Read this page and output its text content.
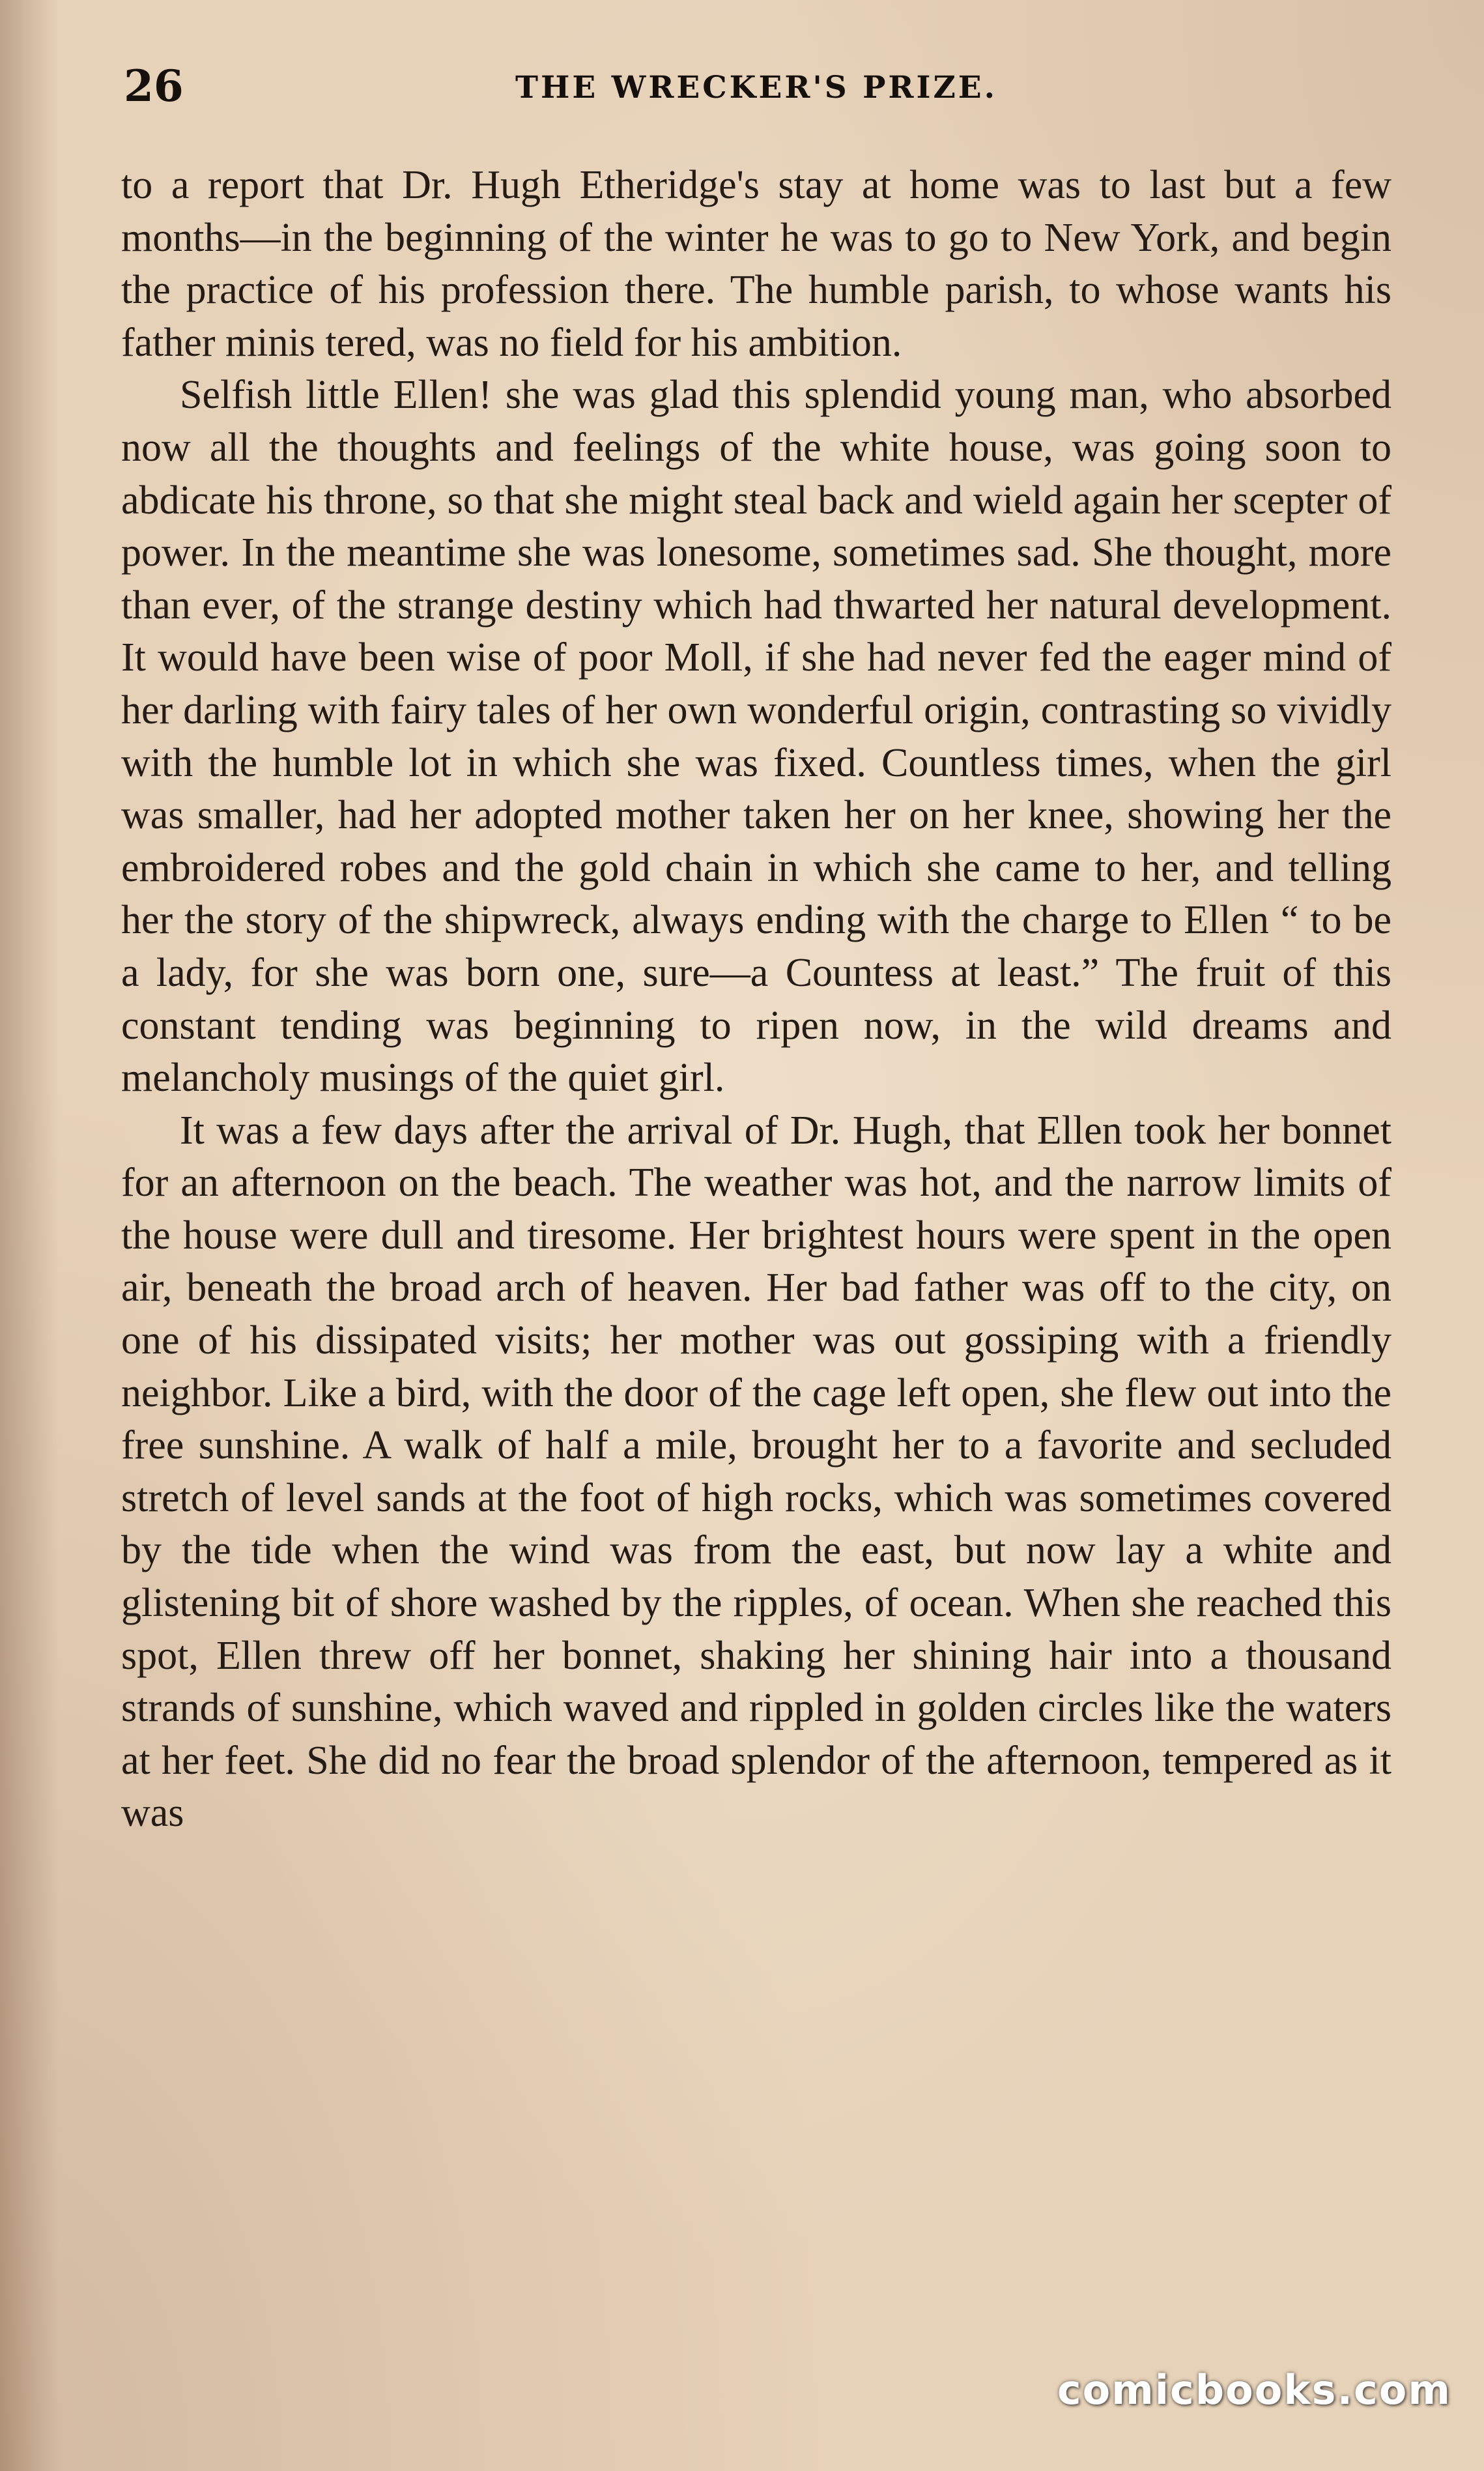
26	THE WRECKER'S PRIZE.

to a report that Dr. Hugh Etheridge's stay at home was to last but a few months—in the beginning of the winter he was to go to New York, and begin the practice of his profession there. The humble parish, to whose wants his father minis tered, was no field for his ambition.

Selfish little Ellen! she was glad this splendid young man, who absorbed now all the thoughts and feelings of the white house, was going soon to abdicate his throne, so that she might steal back and wield again her scepter of power. In the meantime she was lonesome, sometimes sad. She thought, more than ever, of the strange destiny which had thwarted her natural development. It would have been wise of poor Moll, if she had never fed the eager mind of her darling with fairy tales of her own wonderful origin, contrasting so vividly with the humble lot in which she was fixed. Countless times, when the girl was smaller, had her adopted mother taken her on her knee, showing her the embroidered robes and the gold chain in which she came to her, and telling her the story of the shipwreck, always ending with the charge to Ellen “ to be a lady, for she was born one, sure—a Countess at least.” The fruit of this constant tending was beginning to ripen now, in the wild dreams and melancholy musings of the quiet girl.

It was a few days after the arrival of Dr. Hugh, that Ellen took her bonnet for an afternoon on the beach. The weather was hot, and the narrow limits of the house were dull and tiresome. Her brightest hours were spent in the open air, beneath the broad arch of heaven. Her bad father was off to the city, on one of his dissipated visits; her mother was out gossiping with a friendly neighbor. Like a bird, with the door of the cage left open, she flew out into the free sunshine. A walk of half a mile, brought her to a favorite and secluded stretch of level sands at the foot of high rocks, which was sometimes covered by the tide when the wind was from the east, but now lay a white and glistening bit of shore washed by the ripples, of ocean. When she reached this spot, Ellen threw off her bonnet, shaking her shining hair into a thousand strands of sunshine, which waved and rippled in golden circles like the waters at her feet. She did no fear the broad splendor of the afternoon, tempered as it was

comicbooks.com
